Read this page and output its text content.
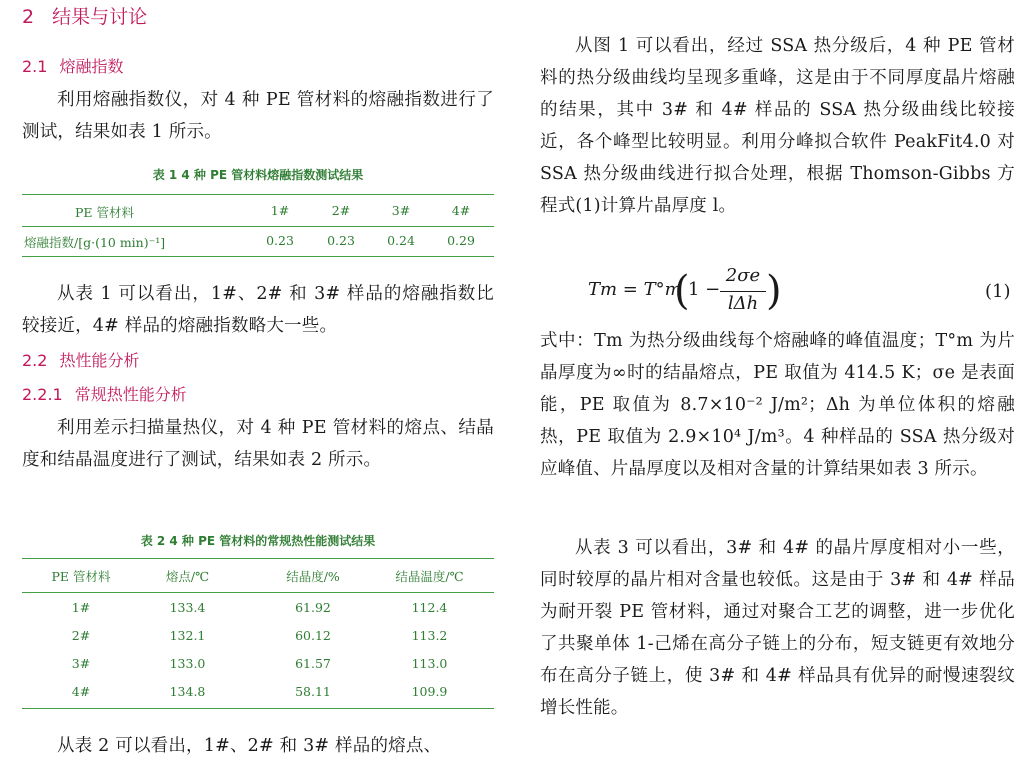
2 结果与讨论
2.1 熔融指数
利用熔融指数仪，对 4 种 PE 管材料的熔融指数进行了测试，结果如表 1 所示。
表 1 4 种 PE 管材料熔融指数测试结果
PE 管材料	1#	2#	3#	4#
熔融指数/[g·(10 min)⁻¹]	0.23	0.23	0.24	0.29
从表 1 可以看出，1#、2# 和 3# 样品的熔融指数比较接近，4# 样品的熔融指数略大一些。
2.2 热性能分析
2.2.1 常规热性能分析
利用差示扫描量热仪，对 4 种 PE 管材料的熔点、结晶度和结晶温度进行了测试，结果如表 2 所示。
表 2 4 种 PE 管材料的常规热性能测试结果
PE 管材料	熔点/℃	结晶度/%	结晶温度/℃
1#	133.4	61.92	112.4
2#	132.1	60.12	113.2
3#	133.0	61.57	113.0
4#	134.8	58.11	109.9
从表 2 可以看出，1#、2# 和 3# 样品的熔点、
从图 1 可以看出，经过 SSA 热分级后，4 种 PE 管材料的热分级曲线均呈现多重峰，这是由于不同厚度晶片熔融的结果，其中 3# 和 4# 样品的 SSA 热分级曲线比较接近，各个峰型比较明显。利用分峰拟合软件 PeakFit4.0 对 SSA 热分级曲线进行拟合处理，根据 Thomson-Gibbs 方程式(1)计算片晶厚度 l。
Tm = T°m
(
1 −
2σe
lΔh )	(1)
式中：Tm 为热分级曲线每个熔融峰的峰值温度；T°m 为片晶厚度为∞时的结晶熔点，PE 取值为 414.5 K；σe 是表面能，PE 取值为 8.7×10⁻² J/m²；Δh 为单位体积的熔融热，PE 取值为 2.9×10⁴ J/m³。4 种样品的 SSA 热分级对应峰值、片晶厚度以及相对含量的计算结果如表 3 所示。
从表 3 可以看出，3# 和 4# 的晶片厚度相对小一些，同时较厚的晶片相对含量也较低。这是由于 3# 和 4# 样品为耐开裂 PE 管材料，通过对聚合工艺的调整，进一步优化了共聚单体 1-己烯在高分子链上的分布，短支链更有效地分布在高分子链上，使 3# 和 4# 样品具有优异的耐慢速裂纹增长性能。
